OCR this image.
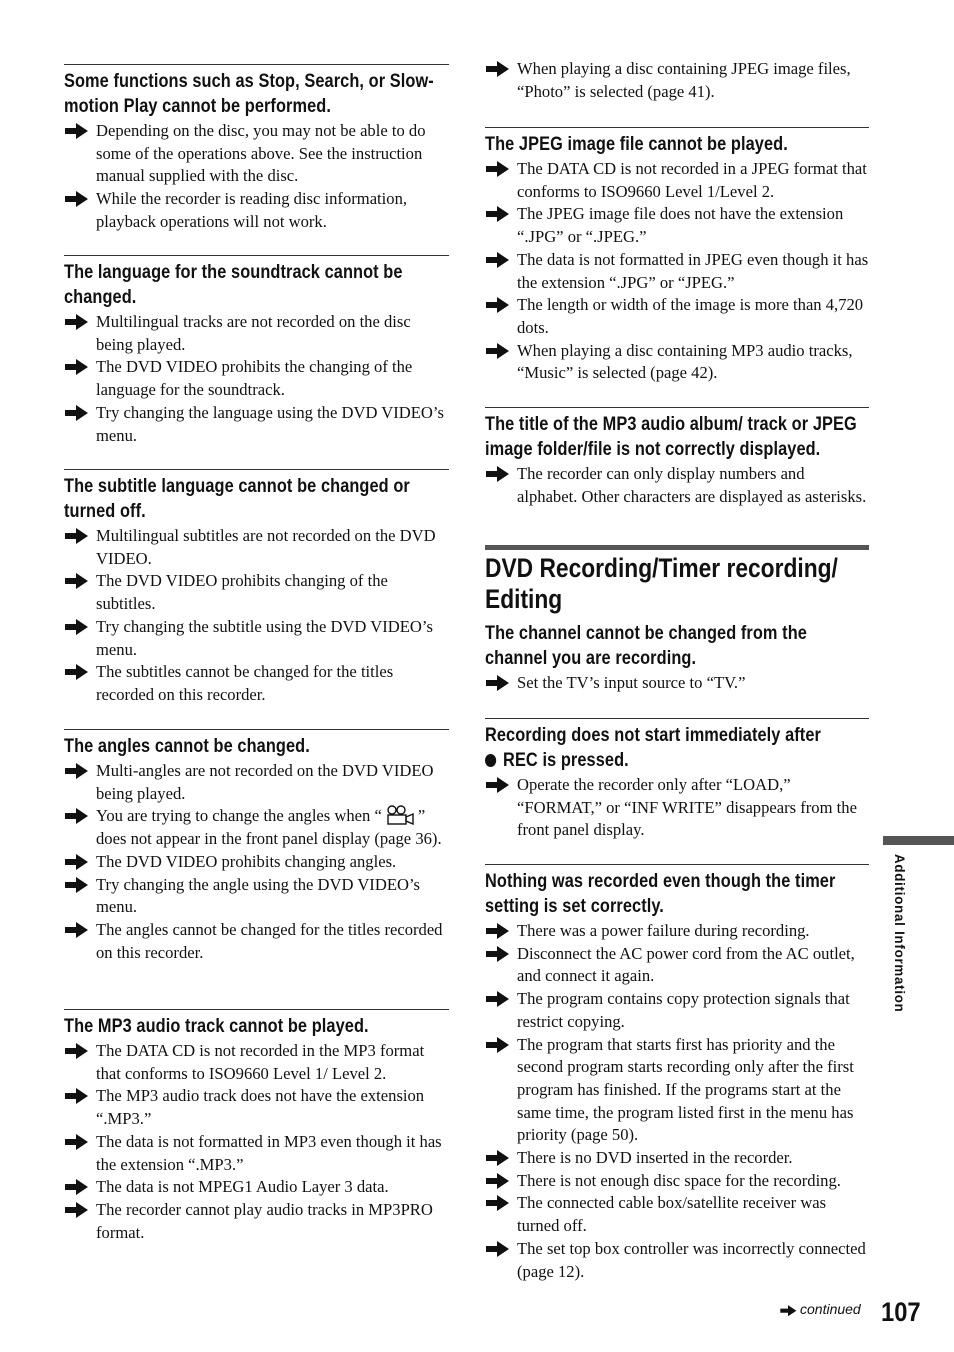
Some functions such as Stop, Search, or Slow-motion Play cannot be performed.
Depending on the disc, you may not be able to do some of the operations above. See the instruction manual supplied with the disc.
While the recorder is reading disc information, playback operations will not work.
The language for the soundtrack cannot be changed.
Multilingual tracks are not recorded on the disc being played.
The DVD VIDEO prohibits the changing of the language for the soundtrack.
Try changing the language using the DVD VIDEO’s menu.
The subtitle language cannot be changed or turned off.
Multilingual subtitles are not recorded on the DVD VIDEO.
The DVD VIDEO prohibits changing of the subtitles.
Try changing the subtitle using the DVD VIDEO’s menu.
The subtitles cannot be changed for the titles recorded on this recorder.
The angles cannot be changed.
Multi-angles are not recorded on the DVD VIDEO being played.
You are trying to change the angles when “ ” does not appear in the front panel display (page 36).
The DVD VIDEO prohibits changing angles.
Try changing the angle using the DVD VIDEO’s menu.
The angles cannot be changed for the titles recorded on this recorder.
The MP3 audio track cannot be played.
The DATA CD is not recorded in the MP3 format that conforms to ISO9660 Level 1/ Level 2.
The MP3 audio track does not have the extension “.MP3.”
The data is not formatted in MP3 even though it has the extension “.MP3.”
The data is not MPEG1 Audio Layer 3 data.
The recorder cannot play audio tracks in MP3PRO format.
When playing a disc containing JPEG image files, “Photo” is selected (page 41).
The JPEG image file cannot be played.
The DATA CD is not recorded in a JPEG format that conforms to ISO9660 Level 1/Level 2.
The JPEG image file does not have the extension “.JPG” or “.JPEG.”
The data is not formatted in JPEG even though it has the extension “.JPG” or “JPEG.”
The length or width of the image is more than 4,720 dots.
When playing a disc containing MP3 audio tracks, “Music” is selected (page 42).
The title of the MP3 audio album/ track or JPEG image folder/file is not correctly displayed.
The recorder can only display numbers and alphabet. Other characters are displayed as asterisks.
DVD Recording/Timer recording/ Editing
The channel cannot be changed from the channel you are recording.
Set the TV’s input source to “TV.”
Recording does not start immediately after
REC is pressed.
Operate the recorder only after “LOAD,” “FORMAT,” or “INF WRITE” disappears from the front panel display.
Nothing was recorded even though the timer setting is set correctly.
There was a power failure during recording.
Disconnect the AC power cord from the AC outlet, and connect it again.
The program contains copy protection signals that restrict copying.
The program that starts first has priority and the second program starts recording only after the first program has finished. If the programs start at the same time, the program listed first in the menu has priority (page 50).
There is no DVD inserted in the recorder.
There is not enough disc space for the recording.
The connected cable box/satellite receiver was turned off.
The set top box controller was incorrectly connected (page 12).
Additional Information
continued 107
